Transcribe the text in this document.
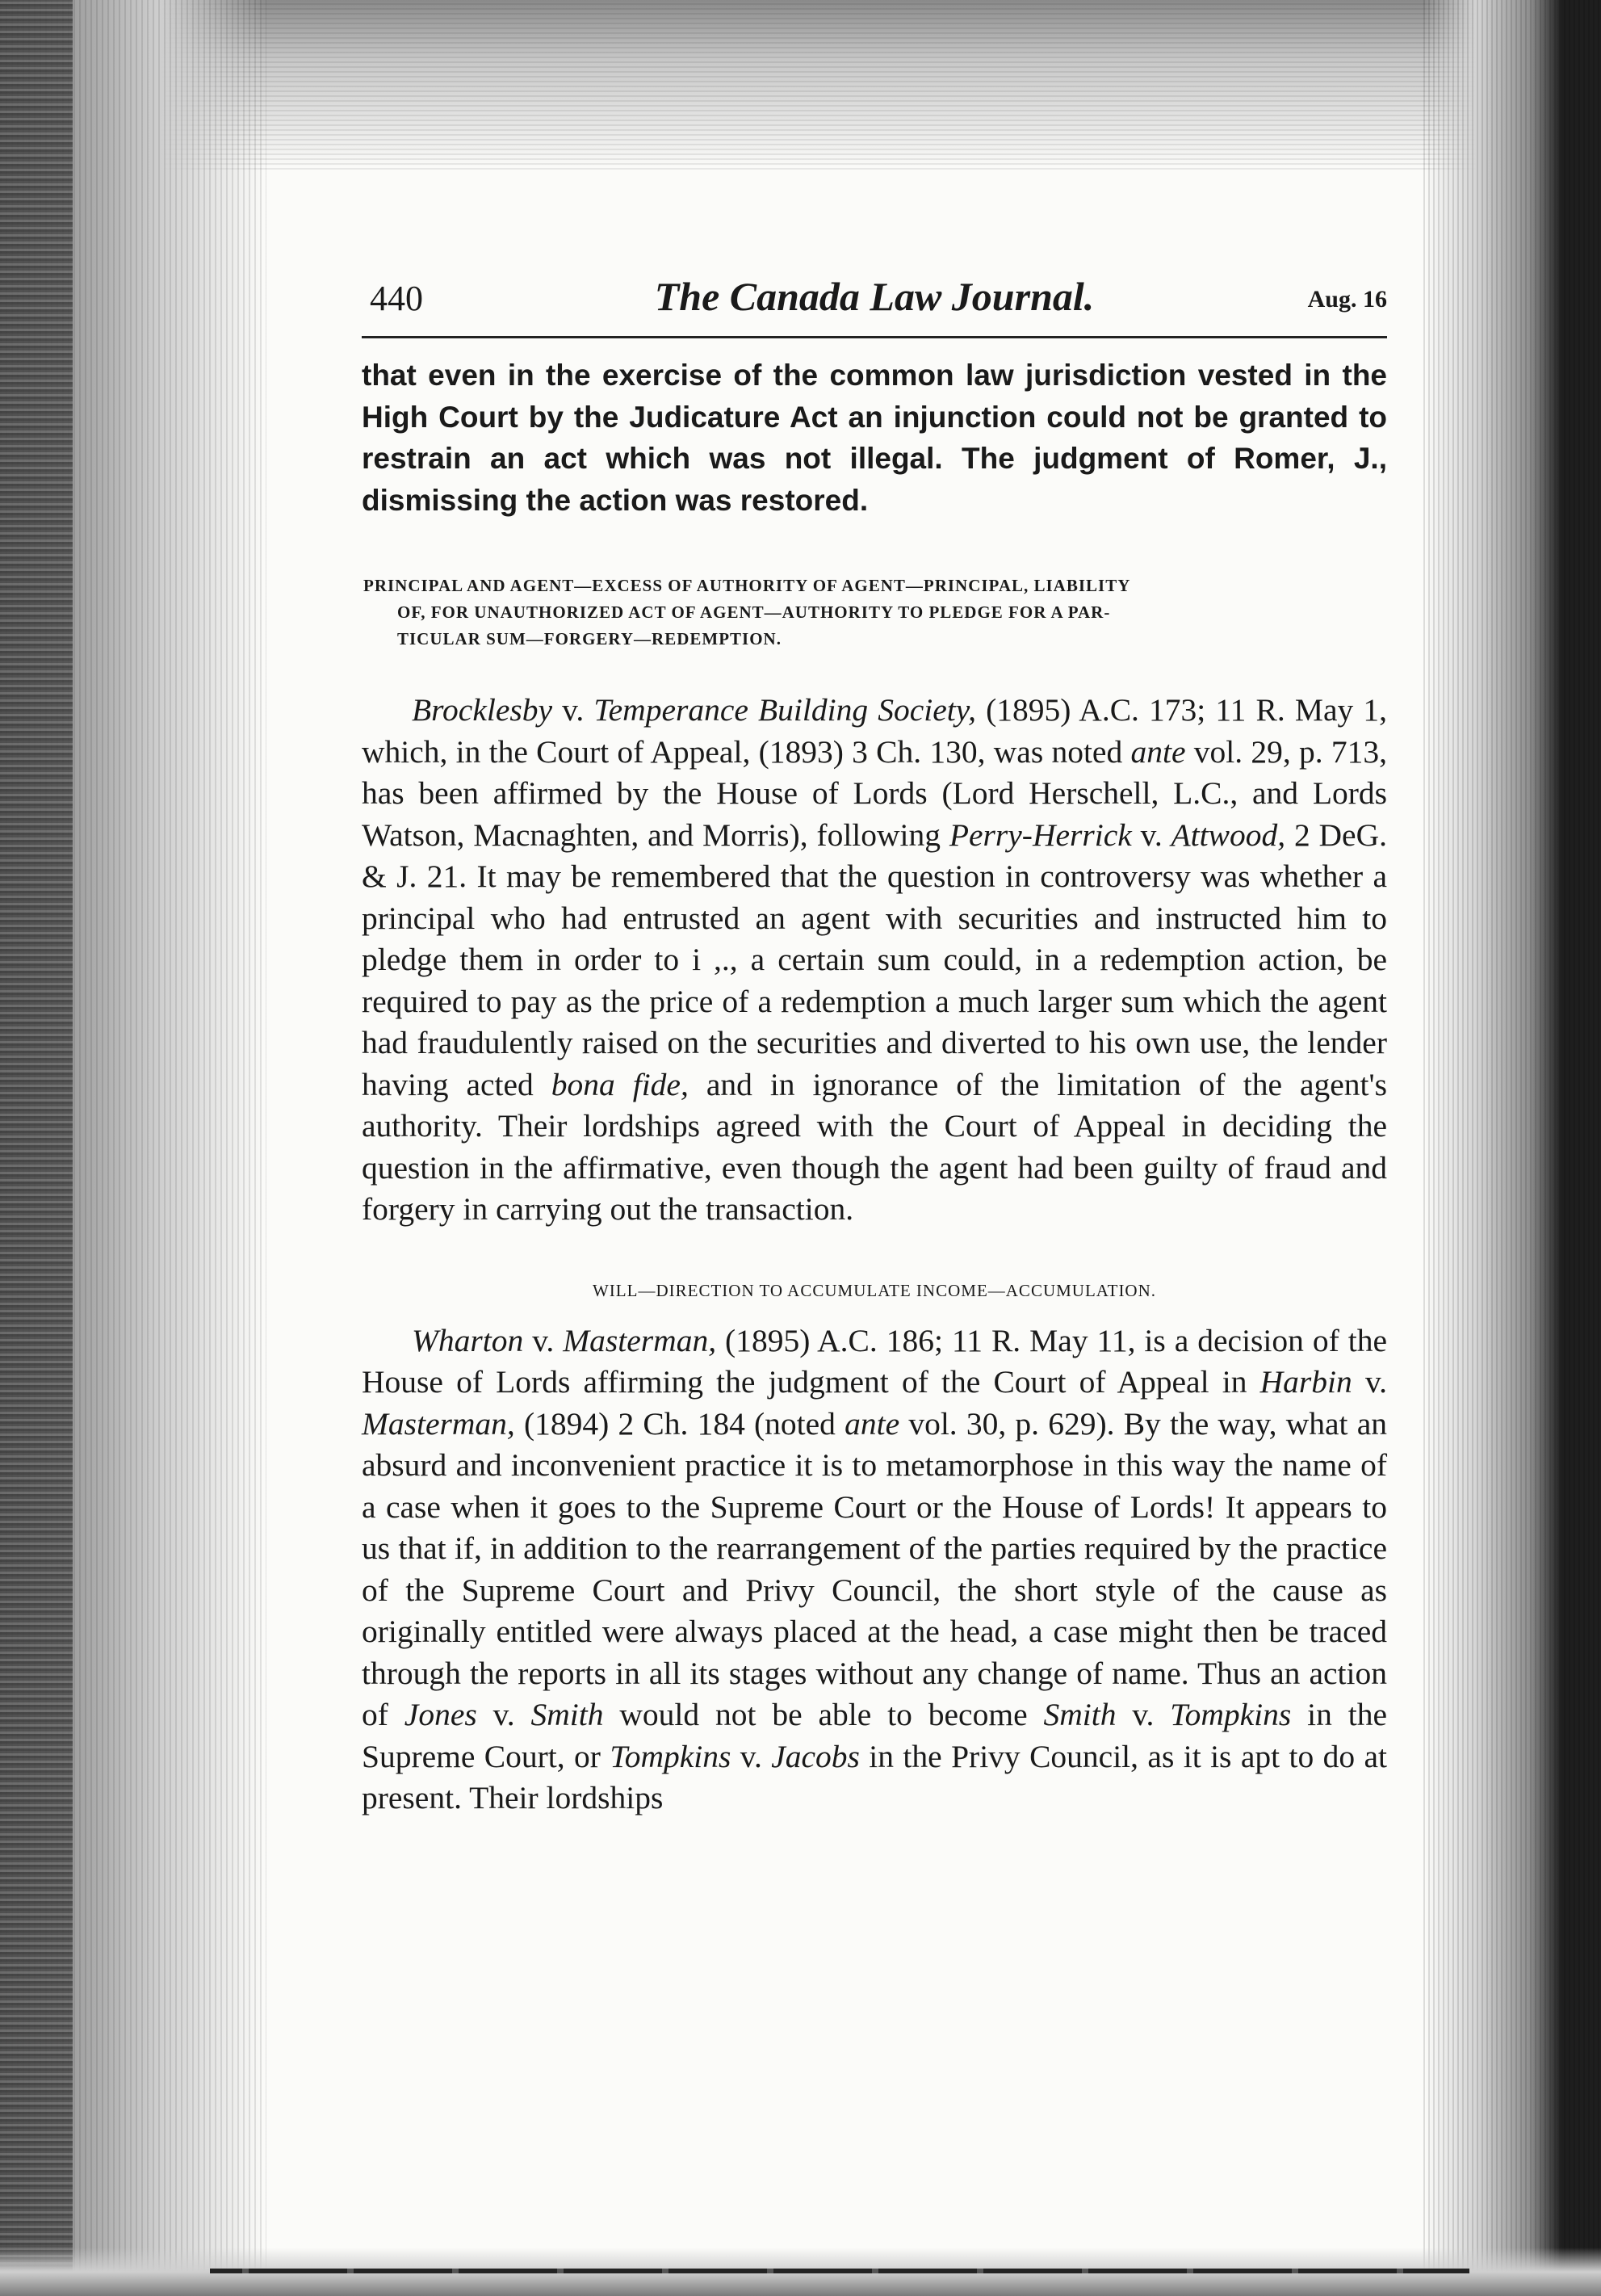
440	The Canada Law Journal.	Aug. 16

that even in the exercise of the common law jurisdiction vested in the High Court by the Judicature Act an injunction could not be granted to restrain an act which was not illegal. The judgment of Romer, J., dismissing the action was restored.

PRINCIPAL AND AGENT—EXCESS OF AUTHORITY OF AGENT—PRINCIPAL, LIABILITY
OF, FOR UNAUTHORIZED ACT OF AGENT—AUTHORITY TO PLEDGE FOR A PAR-
TICULAR SUM—FORGERY—REDEMPTION.

Brocklesby v. Temperance Building Society, (1895) A.C. 173; 11 R. May 1, which, in the Court of Appeal, (1893) 3 Ch. 130, was noted ante vol. 29, p. 713, has been affirmed by the House of Lords (Lord Herschell, L.C., and Lords Watson, Macnaghten, and Morris), following Perry-Herrick v. Attwood, 2 DeG. & J. 21. It may be remembered that the question in controversy was whether a principal who had entrusted an agent with securities and instructed him to pledge them in order to i ,., a certain sum could, in a redemption action, be required to pay as the price of a redemption a much larger sum which the agent had fraudulently raised on the securities and diverted to his own use, the lender having acted bona fide, and in ignorance of the limitation of the agent's authority. Their lordships agreed with the Court of Appeal in deciding the question in the affirmative, even though the agent had been guilty of fraud and forgery in carrying out the transaction.

WILL—DIRECTION TO ACCUMULATE INCOME—ACCUMULATION.

Wharton v. Masterman, (1895) A.C. 186; 11 R. May 11, is a decision of the House of Lords affirming the judgment of the Court of Appeal in Harbin v. Masterman, (1894) 2 Ch. 184 (noted ante vol. 30, p. 629). By the way, what an absurd and inconvenient practice it is to metamorphose in this way the name of a case when it goes to the Supreme Court or the House of Lords! It appears to us that if, in addition to the rearrangement of the parties required by the practice of the Supreme Court and Privy Council, the short style of the cause as originally entitled were always placed at the head, a case might then be traced through the reports in all its stages without any change of name. Thus an action of Jones v. Smith would not be able to become Smith v. Tompkins in the Supreme Court, or Tompkins v. Jacobs in the Privy Council, as it is apt to do at present. Their lordships
